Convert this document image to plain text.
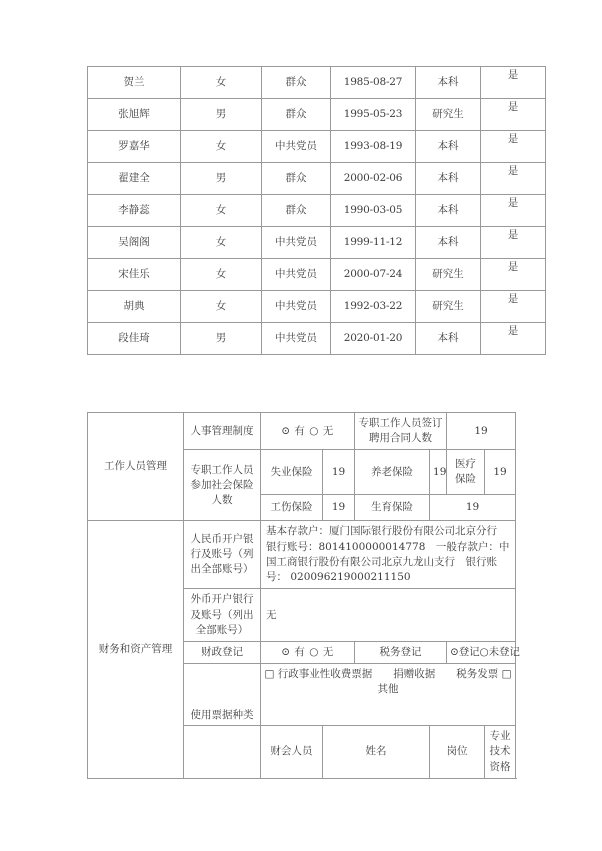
贺兰	女	群众	1985-08-27	本科	是
张旭辉	男	群众	1995-05-23	研究生	是
罗嘉华	女	中共党员	1993-08-19	本科	是
翟建全	男	群众	2000-02-06	本科	是
李静蕊	女	群众	1990-03-05	本科	是
吴阁阁	女	中共党员	1999-11-12	本科	是
宋佳乐	女	中共党员	2000-07-24	研究生	是
胡典	女	中共党员	1992-03-22	研究生	是
段佳琦	男	中共党员	2020-01-20	本科	是
工作人员管理	人事管理制度	⊙ 有 ○ 无		专职工作人员签订聘用合同人数		19	
	专职工作人员参加社会保险人数	失业保险	19	养老保险	19	医疗保险	19
		工伤保险	19	生育保险	19		
财务和资产管理	人民币开户银行及账号（列出全部账号）	基本存款户：厦门国际银行股份有限公司北京分行　银行账号：8014100000014778　一般存款户：中国工商银行股份有限公司北京九龙山支行　银行账号： 020096219000211150					
	外币开户银行及账号（列出全部账号）	无					
	财政登记	⊙ 有 ○ 无		税务登记		⊙登记○未登记	
	使用票据种类	□ 行政事业性收费票据　　捐赠收据　　税务发票 □ 其他					
		财会人员	姓名		岗位		专业技术资格
